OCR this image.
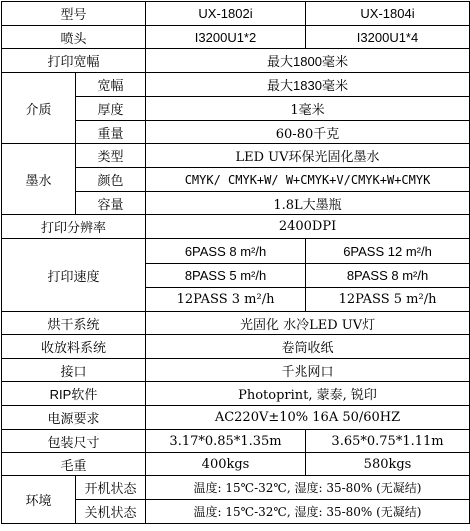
型号		UX-1802i	UX-1804i
喷头		I3200U1*2	I3200U1*4
打印宽幅		最大1800毫米	
介质	宽幅	最大1830毫米	
	厚度	1毫米	
	重量	60-80千克	
墨水	类型	LED UV环保光固化墨水	
	颜色	CMYK/ CMYK+W/ W+CMYK+V/CMYK+W+CMYK	
	容量	1.8L大墨瓶	
打印分辨率		2400DPI	
打印速度		6PASS 8 m²/h	6PASS 12 m²/h
		8PASS 5 m²/h	8PASS 8 m²/h
		12PASS 3 m²/h	12PASS 5 m²/h
烘干系统		光固化 水冷LED UV灯	
收放料系统		卷筒收纸	
接口		千兆网口	
RIP软件		Photoprint, 蒙泰, 锐印	
电源要求		AC220V±10% 16A 50/60HZ	
包装尺寸		3.17*0.85*1.35m	3.65*0.75*1.11m
毛重		400kgs	580kgs
环境	开机状态	温度: 15℃-32℃, 湿度: 35-80% (无凝结)	
	关机状态	温度: 15℃-32℃, 湿度: 35-80% (无凝结)	
